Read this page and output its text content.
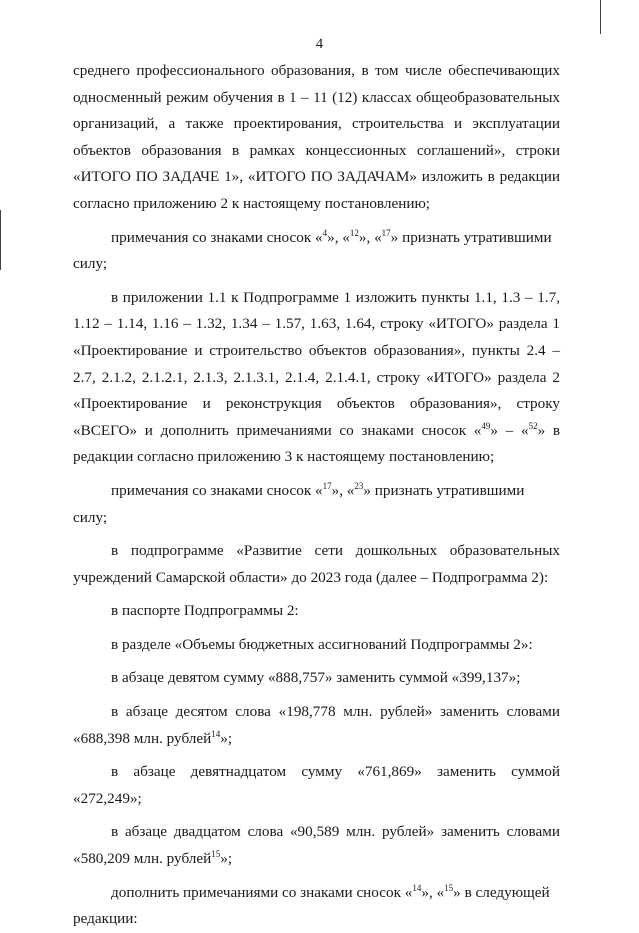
4

среднего профессионального образования, в том числе обеспечивающих односменный режим обучения в 1 – 11 (12) классах общеобразовательных организаций, а также проектирования, строительства и эксплуатации объектов образования в рамках концессионных соглашений», строки «ИТОГО ПО ЗАДАЧЕ 1», «ИТОГО ПО ЗАДАЧАМ» изложить в редакции согласно приложению 2 к настоящему постановлению;

примечания со знаками сносок «$^4$», «$^{12}$», «$^{17}$» признать утратившими
силу;

в приложении 1.1 к Подпрограмме 1 изложить пункты 1.1, 1.3 – 1.7, 1.12 – 1.14, 1.16 – 1.32, 1.34 – 1.57, 1.63, 1.64, строку «ИТОГО» раздела 1 «Проектирование и строительство объектов образования», пункты 2.4 – 2.7, 2.1.2, 2.1.2.1, 2.1.3, 2.1.3.1, 2.1.4, 2.1.4.1, строку «ИТОГО» раздела 2 «Проектирование и реконструкция объектов образования», строку «ВСЕГО» и дополнить примечаниями со знаками сносок «$^{49}$» – «$^{52}$» в редакции согласно приложению 3 к настоящему постановлению;

примечания со знаками сносок «$^{17}$», «$^{23}$» признать утратившими
силу;

в подпрограмме «Развитие сети дошкольных образовательных учреждений Самарской области» до 2023 года (далее – Подпрограмма 2):

в паспорте Подпрограммы 2:

в разделе «Объемы бюджетных ассигнований Подпрограммы 2»:

в абзаце девятом сумму «888,757» заменить суммой «399,137»;

в абзаце десятом слова «198,778 млн. рублей» заменить словами «688,398 млн. рублей$^{14}$»;

в абзаце девятнадцатом сумму «761,869» заменить суммой «272,249»;

в абзаце двадцатом слова «90,589 млн. рублей» заменить словами «580,209 млн. рублей$^{15}$»;

дополнить примечаниями со знаками сносок «$^{14}$», «$^{15}$» в следующей
редакции:
